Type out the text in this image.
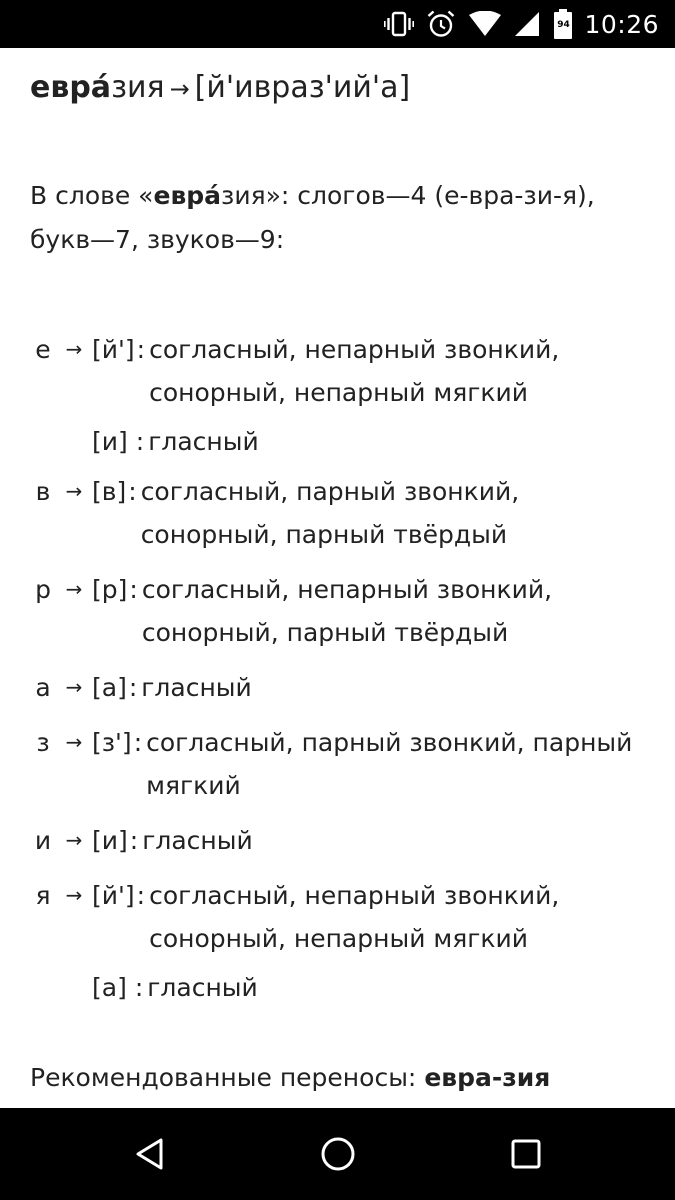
94 10:26
евра́зия → [й'ивраз'ий'а]
В слове «евра́зия»: слогов—4 (е-вра-зи-я), букв—7, звуков—9:
е → [й'] : согласный, непарный звонкий, сонорный, непарный мягкий
[и] : гласный
в → [в] : согласный, парный звонкий, сонорный, парный твёрдый
р → [р] : согласный, непарный звонкий, сонорный, парный твёрдый
а → [а] : гласный
з → [з'] : согласный, парный звонкий, парный мягкий
и → [и] : гласный
я → [й'] : согласный, непарный звонкий, сонорный, непарный мягкий
[а] : гласный
Рекомендованные переносы: евра-зия
